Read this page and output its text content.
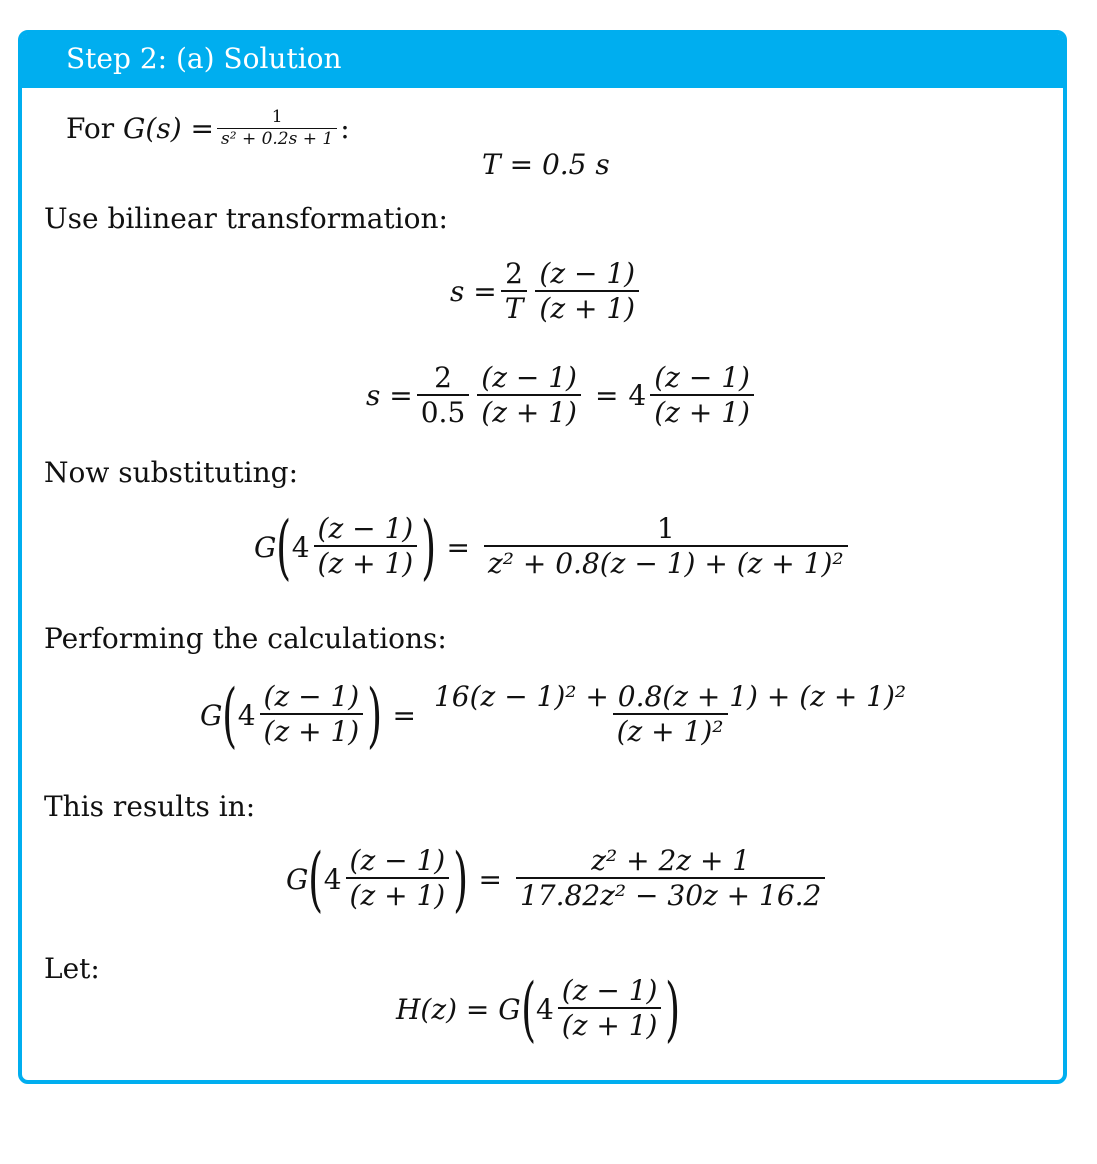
Step 2: (a) Solution
For
$G(s) = \frac{1}{\text{s² + 0.2s + 1}}$ :
T = 0.5 s
Use bilinear transformation:
$s = \frac{2}{T} \frac{(z - 1)}{(z + 1)}$
$s = \frac{2}{0.5} \frac{(z - 1)}{(z + 1)} = 4 \frac{(z - 1)}{(z + 1)}$
Now substituting:
G ( $4 \frac{(z - 1)}{(z + 1)}$ ) = $\frac{1}{\text{z² + 0.8(z − 1) + (z + 1)²}}$
Performing the calculations:
G ( $4 \frac{(z - 1)}{(z + 1)}$ ) = $\frac{\text{16(z − 1)² + 0.8(z + 1) + (z + 1)²}}{\text{(z + 1)²}}$
This results in:
G ( $4 \frac{(z - 1)}{(z + 1)}$ ) = $\frac{\text{z² + 2z + 1}}{\text{17.82z² − 30z + 16.2}}$
Let:
H(z) = G ( $4 \frac{(z - 1)}{(z + 1)}$ )
